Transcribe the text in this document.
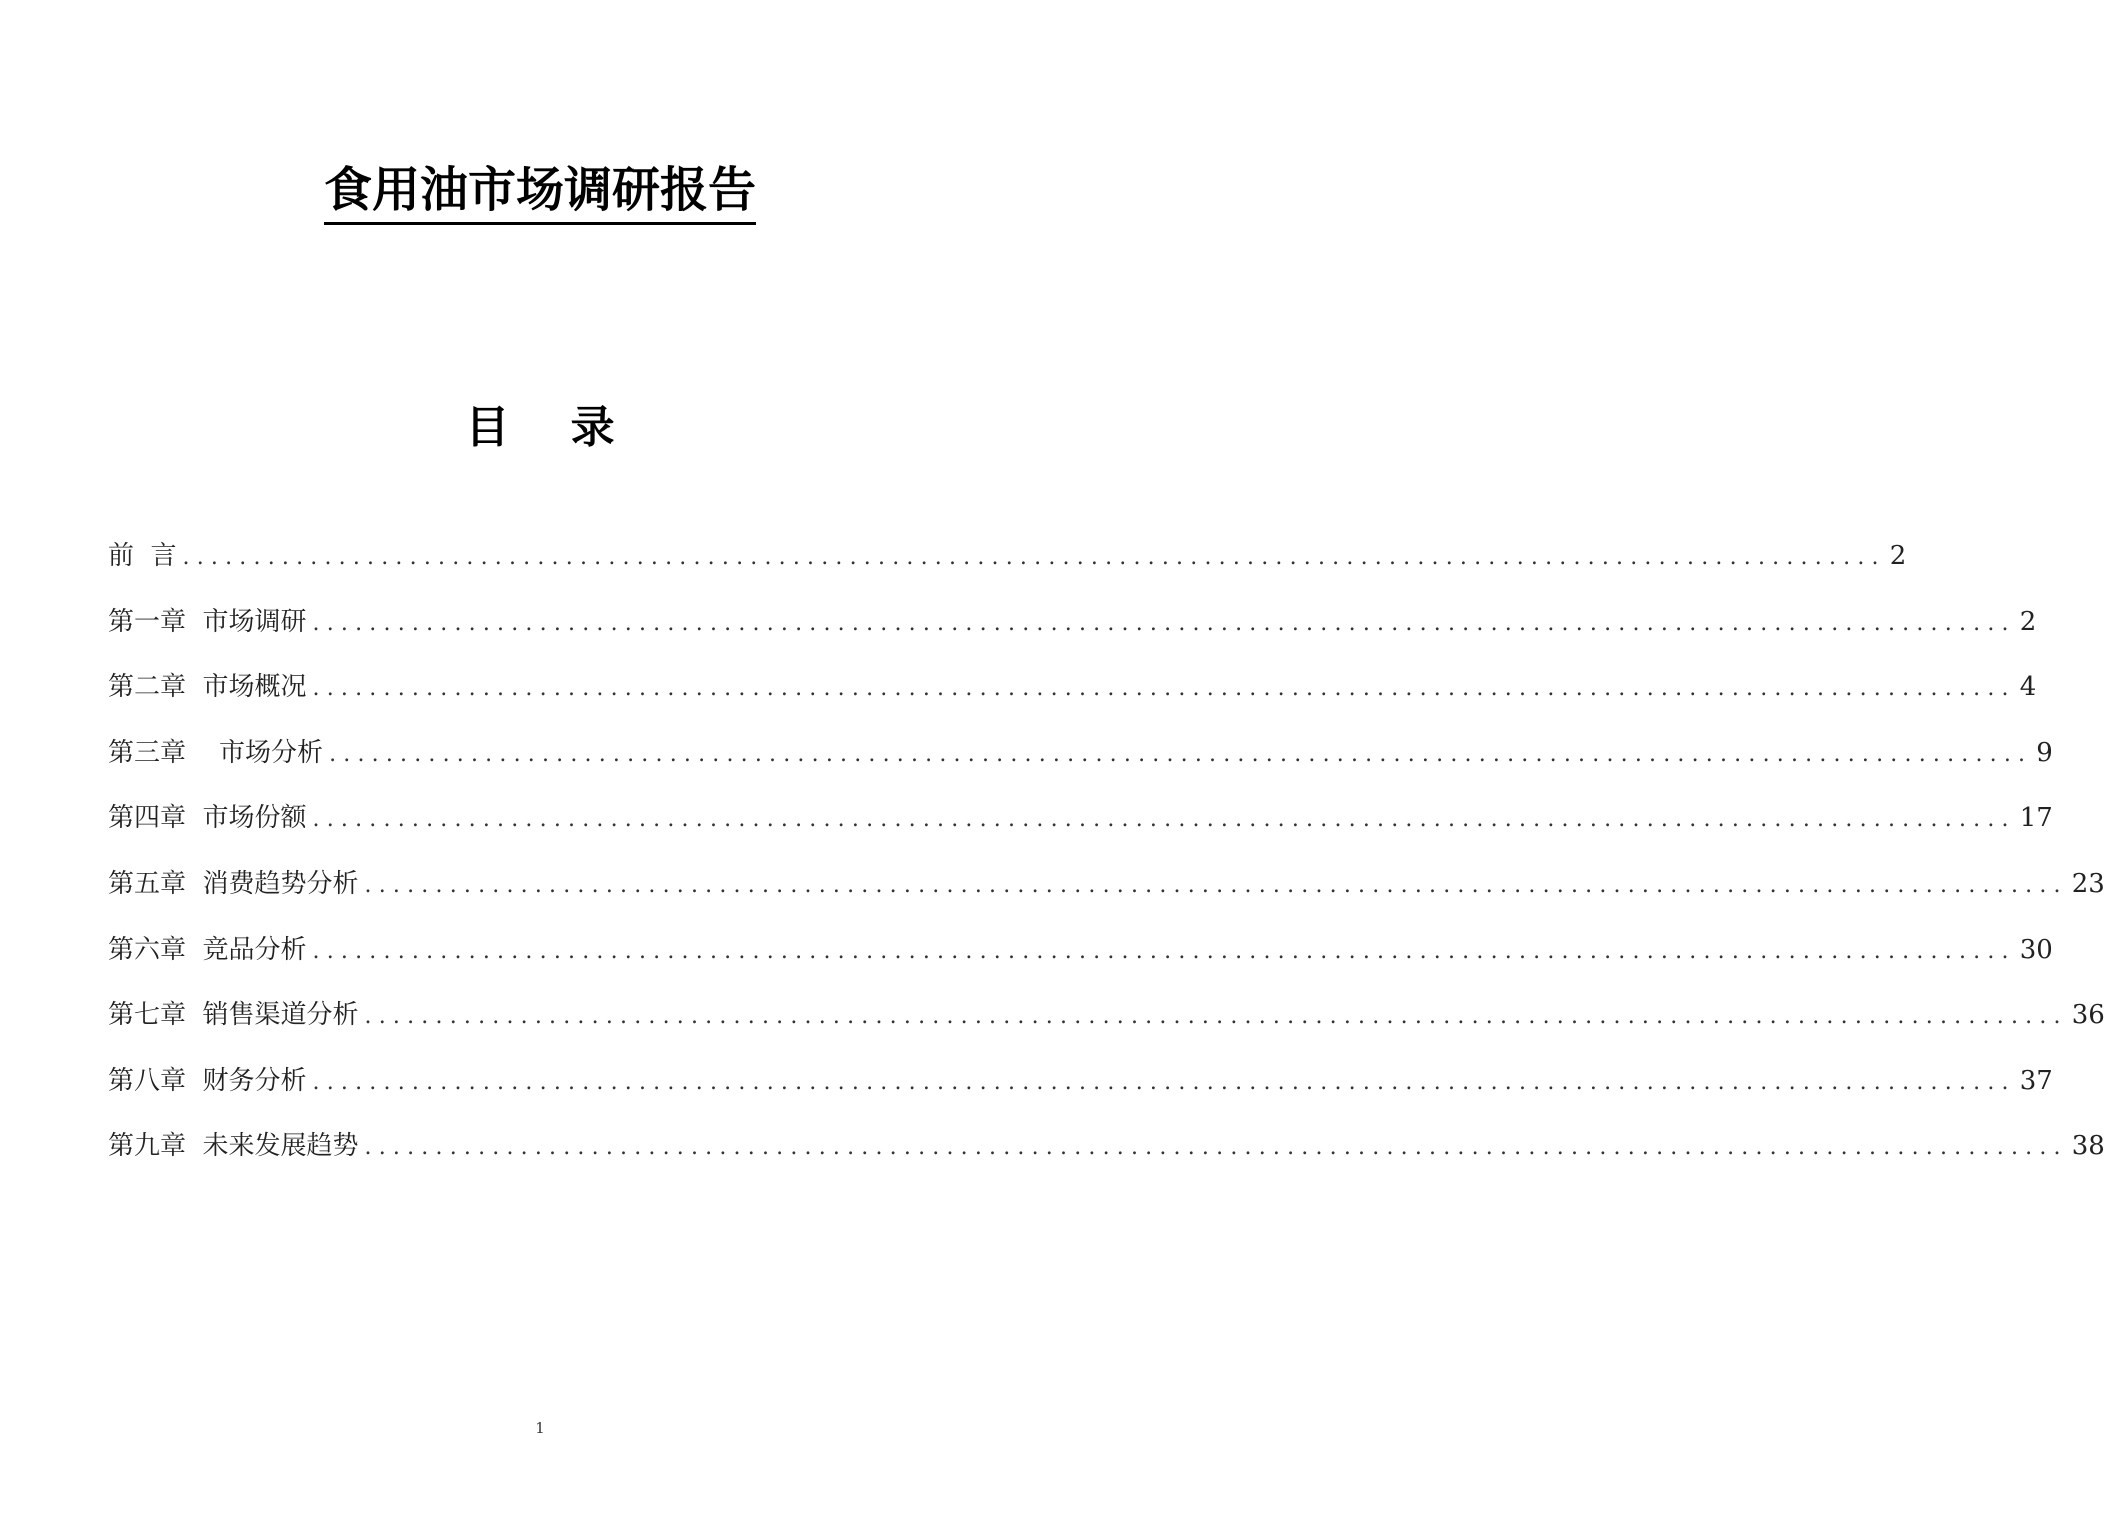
食用油市场调研报告
目    录
前  言 ........................................................................................................................ 2
第一章  市场调研 ........................................................................................................................ 2
第二章  市场概况 ........................................................................................................................ 4
第三章    市场分析 ........................................................................................................................ 9
第四章  市场份额 ........................................................................................................................ 17
第五章  消费趋势分析 ........................................................................................................................ 23
第六章  竞品分析 ........................................................................................................................ 30
第七章  销售渠道分析 ........................................................................................................................ 36
第八章  财务分析 ........................................................................................................................ 37
第九章  未来发展趋势 ........................................................................................................................ 38
1
